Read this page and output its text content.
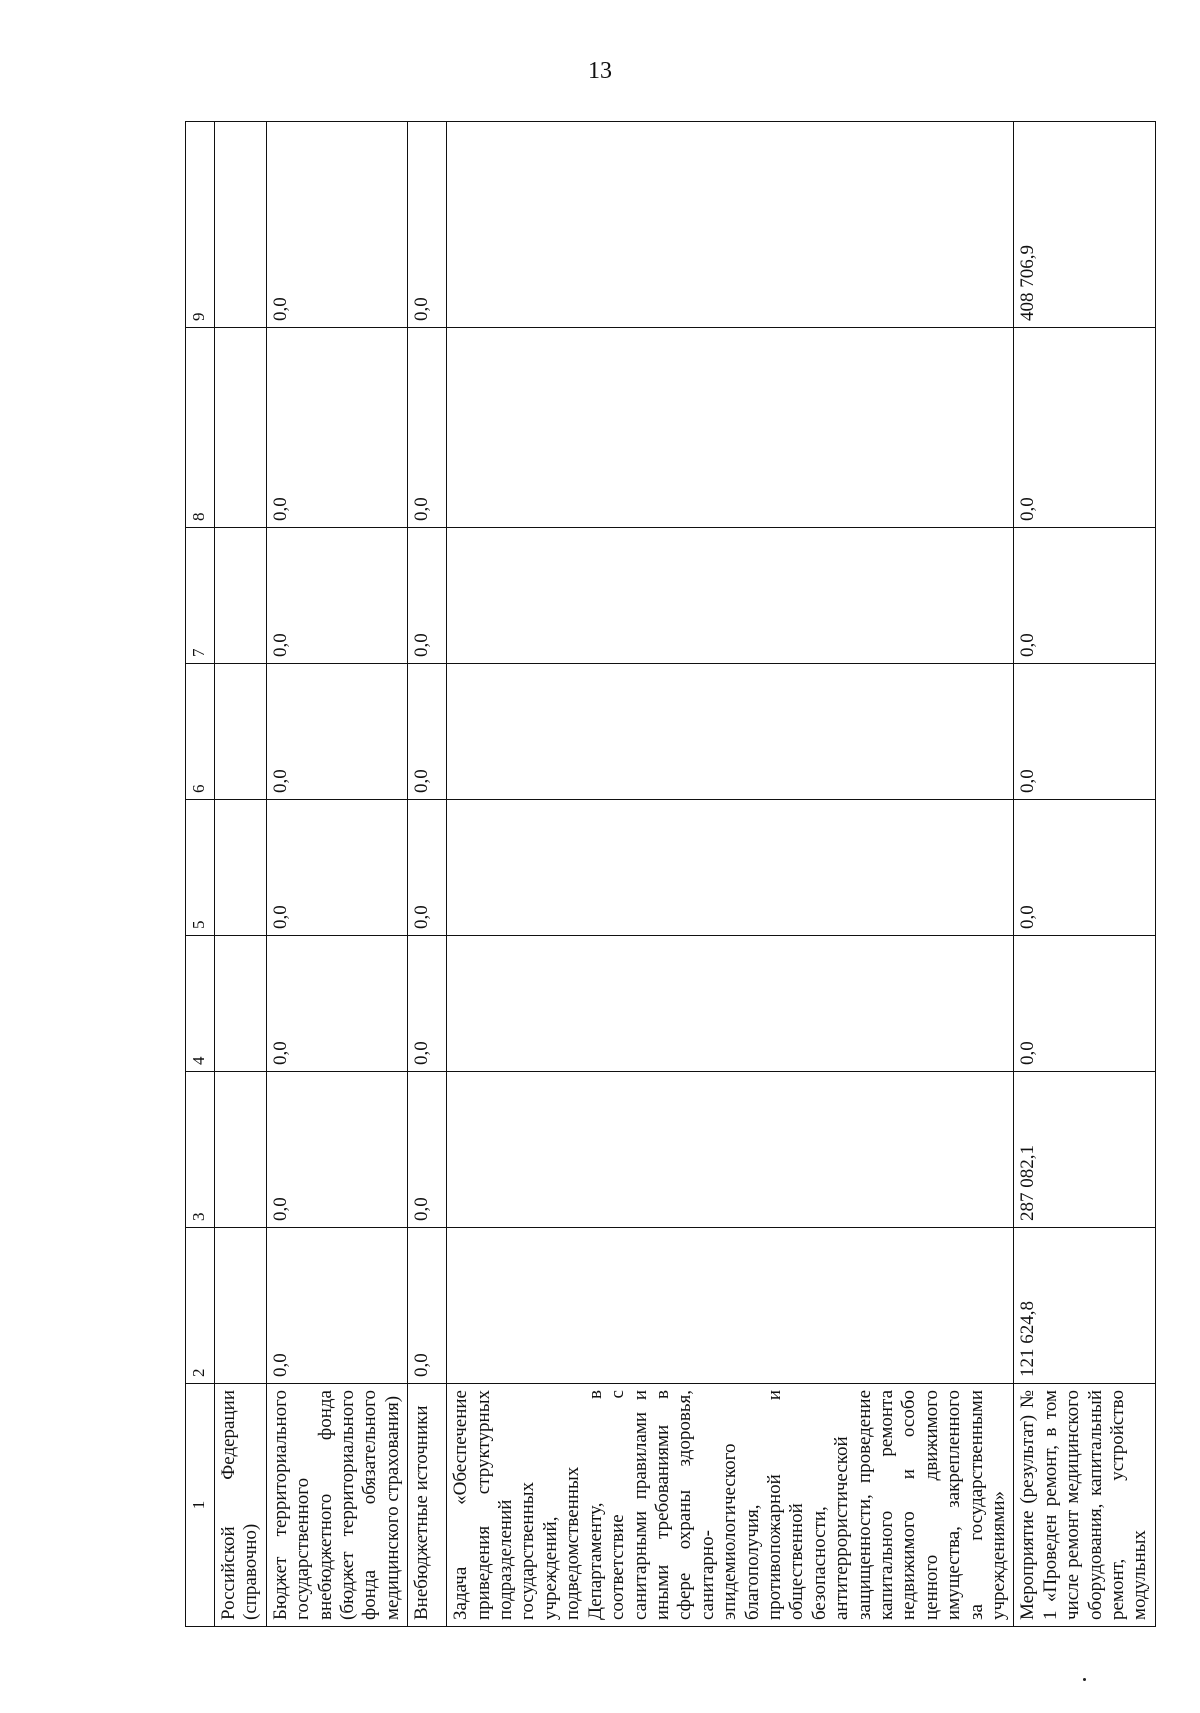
13
1	2	3	4	5	6	7	8	9
Российской Федерации (справочно)								
Бюджет территориального государственного внебюджетного фонда (бюджет территориального фонда обязательного медицинского страхования)	0,0	0,0	0,0	0,0	0,0	0,0	0,0	0,0
Внебюджетные источники	0,0	0,0	0,0	0,0	0,0	0,0	0,0	0,0
Задача «Обеспечение приведения структурных подразделений государственных учреждений, подведомственных Департаменту, в соответствие с санитарными правилами и иными требованиями в сфере охраны здоровья, санитарно-эпидемиологического благополучия, противопожарной и общественной безопасности, антитеррористической защищенности, проведение капитального ремонта недвижимого и особо ценного движимого имущества, закрепленного за государственными учреждениями»								
Мероприятие (результат) № 1 «Проведен ремонт, в том числе ремонт медицинского оборудования, капитальный ремонт, устройство модульных	121 624,8	287 082,1	0,0	0,0	0,0	0,0	0,0	408 706,9
